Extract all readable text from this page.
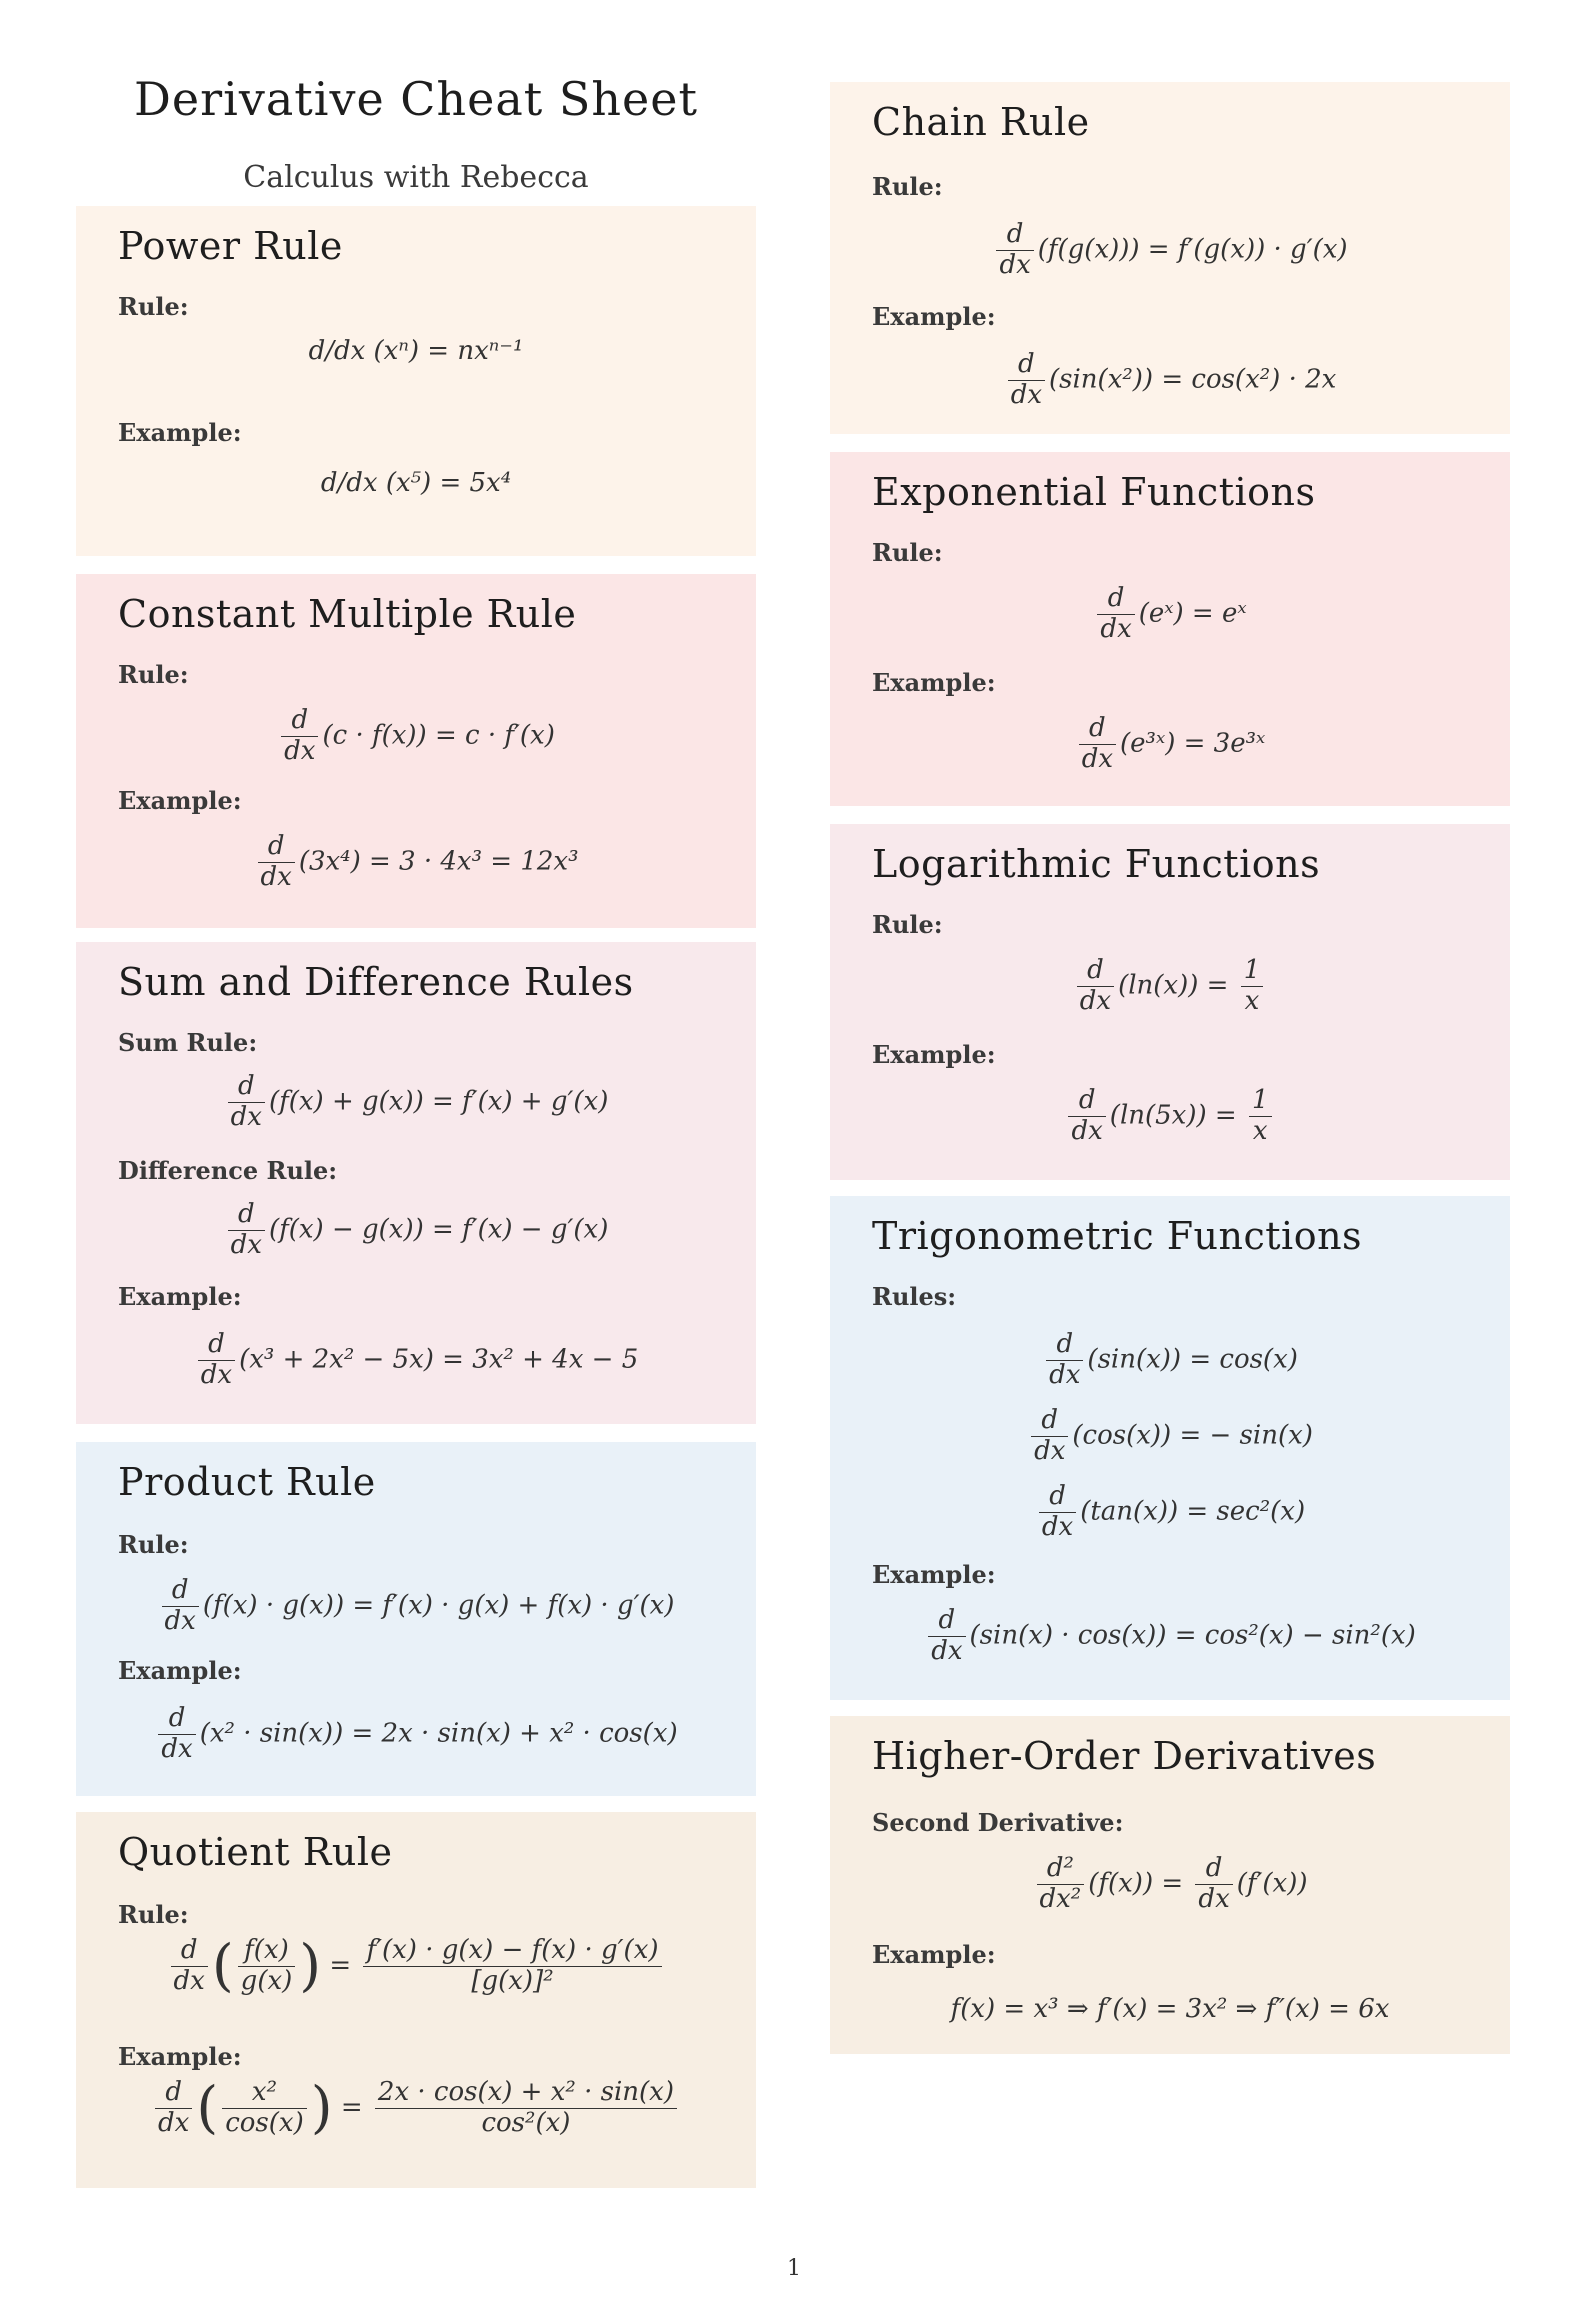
Derivative Cheat Sheet
Calculus with Rebecca
Power Rule
Rule:
d/dx (xⁿ) = nxⁿ⁻¹
Example:
d/dx (x⁵) = 5x⁴
Constant Multiple Rule
Rule:
$\frac{d}{dx} (c \cdot f(x)) = c \cdot f'(x)$
Example:
$\frac{d}{dx} (3x^4) = 3 \cdot 4x^3 = 12x^3$
Sum and Difference Rules
Sum Rule:
$\frac{d}{dx} (f(x) + g(x)) = f'(x) + g'(x)$
Difference Rule:
$\frac{d}{dx} (f(x) - g(x)) = f'(x) - g'(x)$
Example:
$\frac{d}{dx} (x^3 + 2x^2 - 5x) = 3x^2 + 4x - 5$
Product Rule
Rule:
$\frac{d}{dx} (f(x) \cdot g(x)) = f'(x) \cdot g(x) + f(x) \cdot g'(x)$
Example:
$\frac{d}{dx} (x^2 \cdot \sin(x)) = 2x \cdot \sin(x) + x^2 \cdot \cos(x)$
Quotient Rule
Rule:
$\frac{d}{dx}$ ( $\frac{f(x)}{g(x)}$ ) = $\frac{f'(x) \cdot g(x) - f(x) \cdot g'(x)}{\text{[g(x)]²}}$
Example:
$\frac{d}{dx}$ ( $\frac{\text{x²}}{\cos(x)}$ ) = $\frac{\text{2x · cos(x) + x² · sin(x)}}{\text{cos²(x)}}$
Chain Rule
Rule:
$\frac{d}{dx} (f(g(x))) = f'(g(x)) \cdot g'(x)$
Example:
$\frac{d}{dx} (\sin(x^2)) = \cos(x^2) \cdot 2x$
Exponential Functions
Rule:
$\frac{d}{dx}$ (eˣ) = eˣ
Example:
$\frac{d}{dx}$ (e³ˣ) = 3e³ˣ
Logarithmic Functions
Rule:
$\frac{d}{dx} (\ln(x)) = \frac{1}{x}$
Example:
$\frac{d}{dx} (\ln(5x)) = \frac{1}{x}$
Trigonometric Functions
Rules:
$\frac{d}{dx} (\sin(x)) = \cos(x)$
$\frac{d}{dx} (\cos(x))$ = − sin(x)
$\frac{d}{dx} (\tan(x)) = \sec^2(x)$
Example:
$\frac{d}{dx} (\sin(x) \cdot \cos(x)) = \cos^2(x) - \sin^2(x)$
Higher-Order Derivatives
Second Derivative:
$\frac{\text{d²}}{\text{dx²}} (f(x)) = \frac{d}{dx} (f'(x))$
Example:
f(x) = x³ ⇒ f′(x) = 3x² ⇒ f″(x) = 6x
1
